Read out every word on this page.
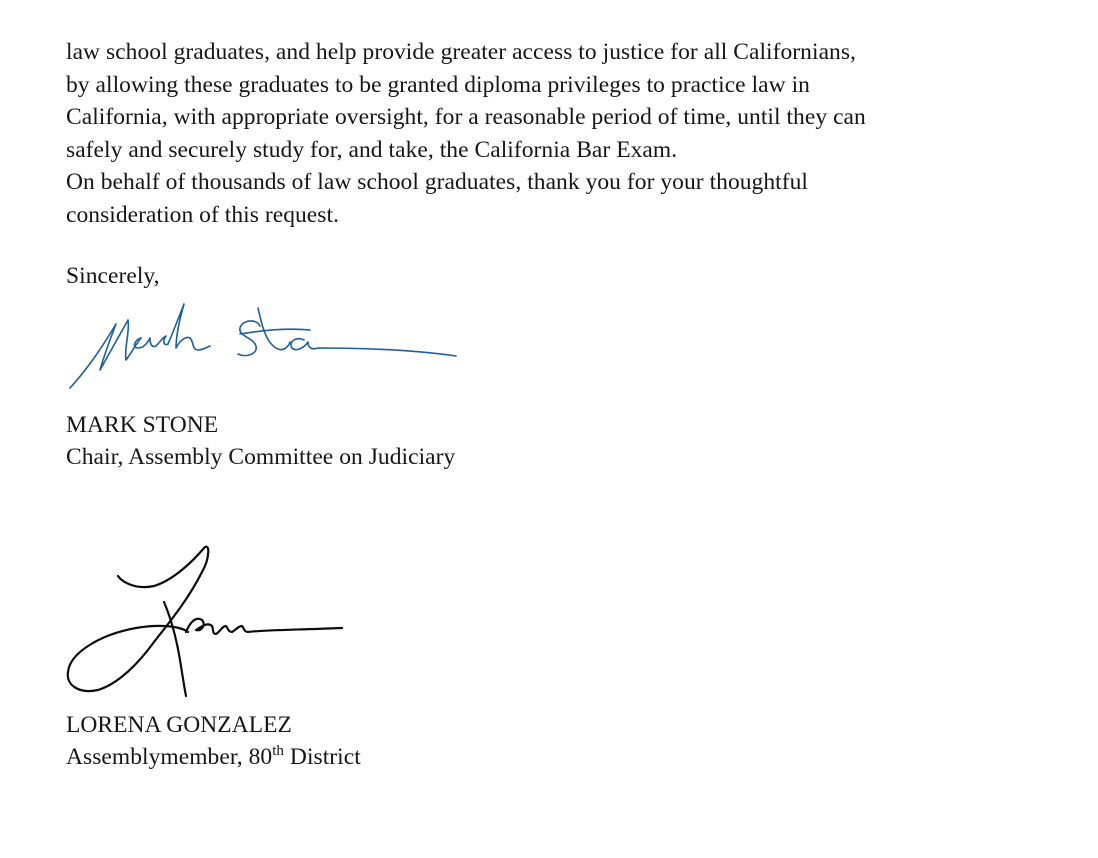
law school graduates, and help provide greater access to justice for all Californians,
by allowing these graduates to be granted diploma privileges to practice law in
California, with appropriate oversight, for a reasonable period of time, until they can
safely and securely study for, and take, the California Bar Exam.
On behalf of thousands of law school graduates, thank you for your thoughtful
consideration of this request.
Sincerely,
MARK STONE
Chair, Assembly Committee on Judiciary
LORENA GONZALEZ
Assemblymember, 80th District
